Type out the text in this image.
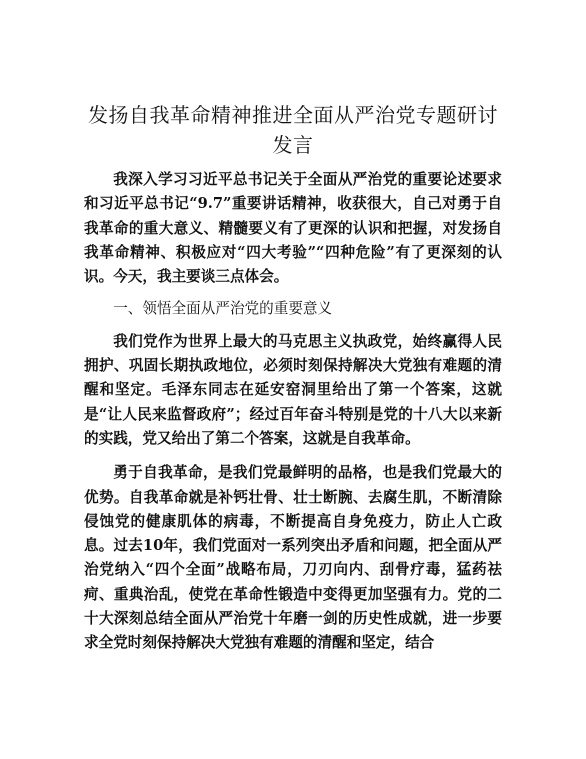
发扬自我革命精神推进全面从严治党专题研讨发言

我深入学习习近平总书记关于全面从严治党的重要论述要求和习近平总书记“9.7”重要讲话精神，收获很大，自己对勇于自我革命的重大意义、精髓要义有了更深的认识和把握，对发扬自我革命精神、积极应对“四大考验”“四种危险”有了更深刻的认识。今天，我主要谈三点体会。

一、领悟全面从严治党的重要意义

我们党作为世界上最大的马克思主义执政党，始终赢得人民拥护、巩固长期执政地位，必须时刻保持解决大党独有难题的清醒和坚定。毛泽东同志在延安窑洞里给出了第一个答案，这就是“让人民来监督政府”；经过百年奋斗特别是党的十八大以来新的实践，党又给出了第二个答案，这就是自我革命。

勇于自我革命，是我们党最鲜明的品格，也是我们党最大的优势。自我革命就是补钙壮骨、壮士断腕、去腐生肌，不断清除侵蚀党的健康肌体的病毒，不断提高自身免疫力，防止人亡政息。过去10年，我们党面对一系列突出矛盾和问题，把全面从严治党纳入“四个全面”战略布局，刀刃向内、刮骨疗毒，猛药祛疴、重典治乱，使党在革命性锻造中变得更加坚强有力。党的二十大深刻总结全面从严治党十年磨一剑的历史性成就，进一步要求全党时刻保持解决大党独有难题的清醒和坚定，结合
